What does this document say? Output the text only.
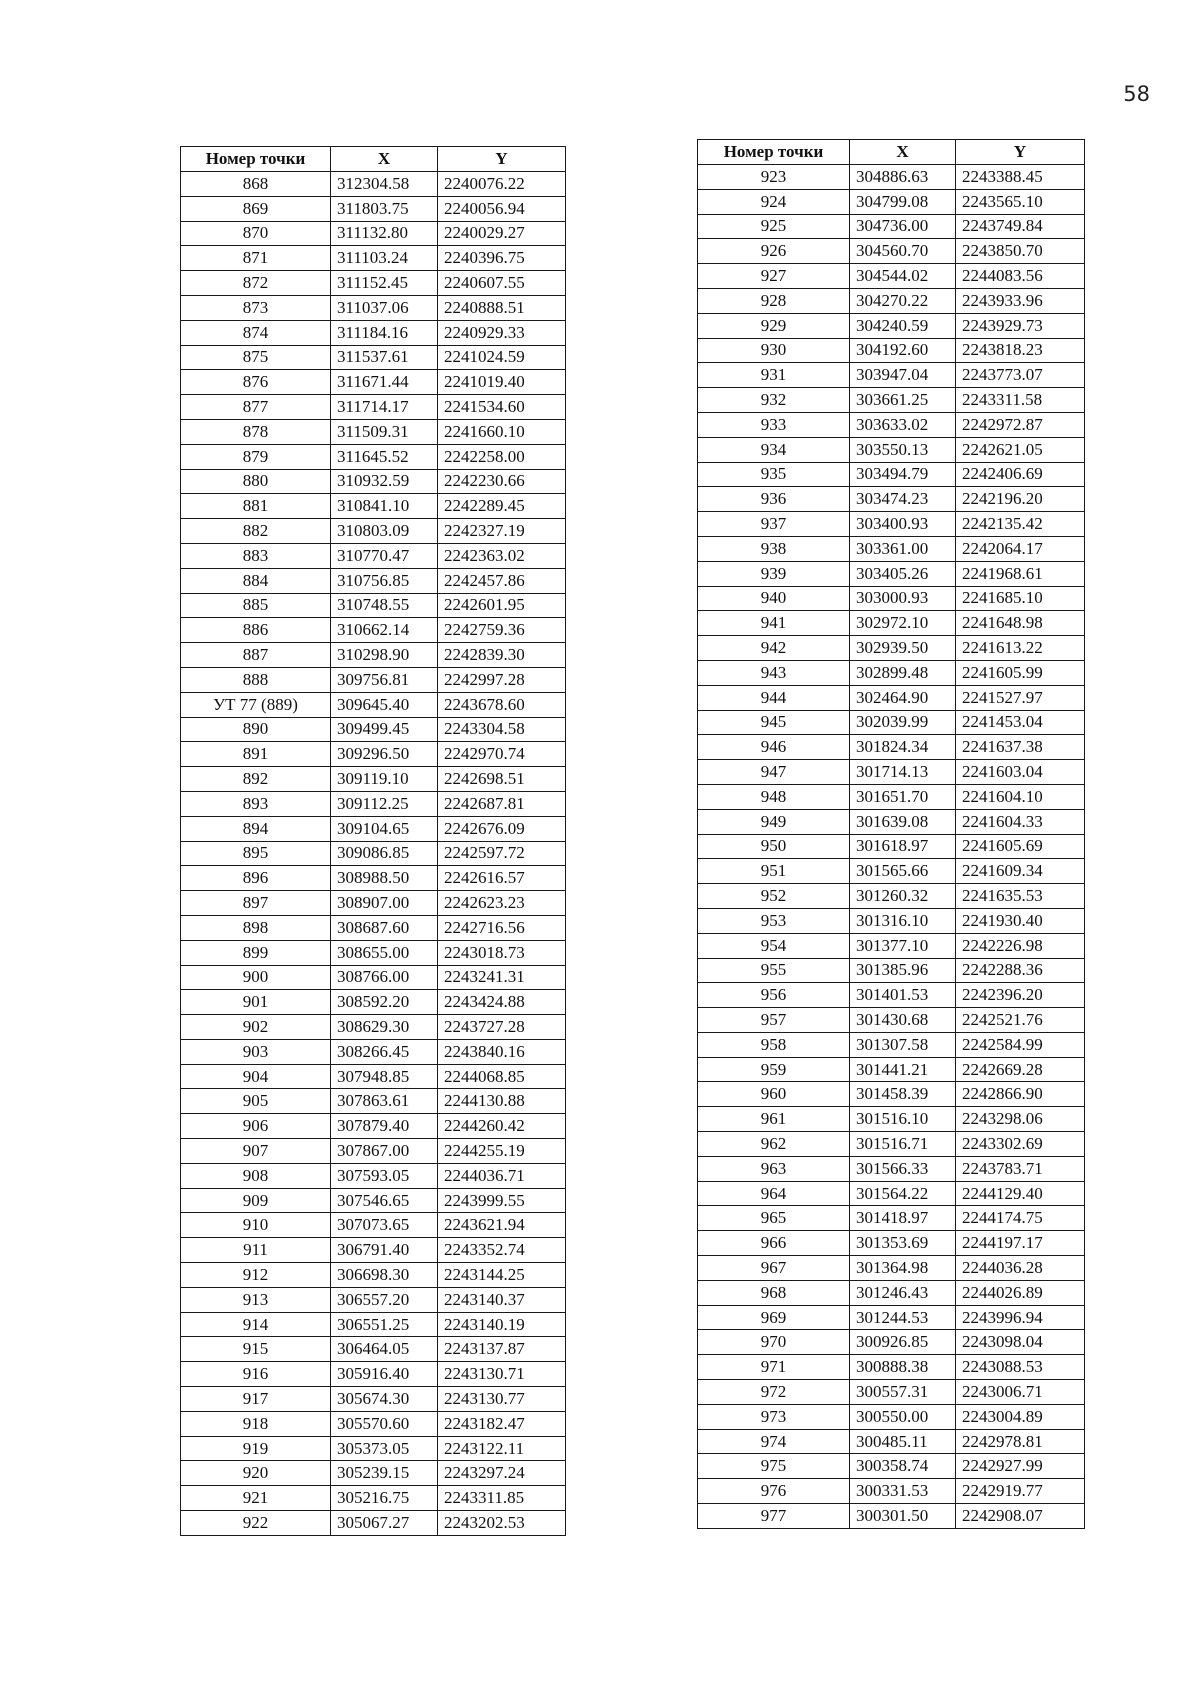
58
Номер точки	X	Y
868	312304.58	2240076.22
869	311803.75	2240056.94
870	311132.80	2240029.27
871	311103.24	2240396.75
872	311152.45	2240607.55
873	311037.06	2240888.51
874	311184.16	2240929.33
875	311537.61	2241024.59
876	311671.44	2241019.40
877	311714.17	2241534.60
878	311509.31	2241660.10
879	311645.52	2242258.00
880	310932.59	2242230.66
881	310841.10	2242289.45
882	310803.09	2242327.19
883	310770.47	2242363.02
884	310756.85	2242457.86
885	310748.55	2242601.95
886	310662.14	2242759.36
887	310298.90	2242839.30
888	309756.81	2242997.28
УТ 77 (889)	309645.40	2243678.60
890	309499.45	2243304.58
891	309296.50	2242970.74
892	309119.10	2242698.51
893	309112.25	2242687.81
894	309104.65	2242676.09
895	309086.85	2242597.72
896	308988.50	2242616.57
897	308907.00	2242623.23
898	308687.60	2242716.56
899	308655.00	2243018.73
900	308766.00	2243241.31
901	308592.20	2243424.88
902	308629.30	2243727.28
903	308266.45	2243840.16
904	307948.85	2244068.85
905	307863.61	2244130.88
906	307879.40	2244260.42
907	307867.00	2244255.19
908	307593.05	2244036.71
909	307546.65	2243999.55
910	307073.65	2243621.94
911	306791.40	2243352.74
912	306698.30	2243144.25
913	306557.20	2243140.37
914	306551.25	2243140.19
915	306464.05	2243137.87
916	305916.40	2243130.71
917	305674.30	2243130.77
918	305570.60	2243182.47
919	305373.05	2243122.11
920	305239.15	2243297.24
921	305216.75	2243311.85
922	305067.27	2243202.53
Номер точки	X	Y
923	304886.63	2243388.45
924	304799.08	2243565.10
925	304736.00	2243749.84
926	304560.70	2243850.70
927	304544.02	2244083.56
928	304270.22	2243933.96
929	304240.59	2243929.73
930	304192.60	2243818.23
931	303947.04	2243773.07
932	303661.25	2243311.58
933	303633.02	2242972.87
934	303550.13	2242621.05
935	303494.79	2242406.69
936	303474.23	2242196.20
937	303400.93	2242135.42
938	303361.00	2242064.17
939	303405.26	2241968.61
940	303000.93	2241685.10
941	302972.10	2241648.98
942	302939.50	2241613.22
943	302899.48	2241605.99
944	302464.90	2241527.97
945	302039.99	2241453.04
946	301824.34	2241637.38
947	301714.13	2241603.04
948	301651.70	2241604.10
949	301639.08	2241604.33
950	301618.97	2241605.69
951	301565.66	2241609.34
952	301260.32	2241635.53
953	301316.10	2241930.40
954	301377.10	2242226.98
955	301385.96	2242288.36
956	301401.53	2242396.20
957	301430.68	2242521.76
958	301307.58	2242584.99
959	301441.21	2242669.28
960	301458.39	2242866.90
961	301516.10	2243298.06
962	301516.71	2243302.69
963	301566.33	2243783.71
964	301564.22	2244129.40
965	301418.97	2244174.75
966	301353.69	2244197.17
967	301364.98	2244036.28
968	301246.43	2244026.89
969	301244.53	2243996.94
970	300926.85	2243098.04
971	300888.38	2243088.53
972	300557.31	2243006.71
973	300550.00	2243004.89
974	300485.11	2242978.81
975	300358.74	2242927.99
976	300331.53	2242919.77
977	300301.50	2242908.07
